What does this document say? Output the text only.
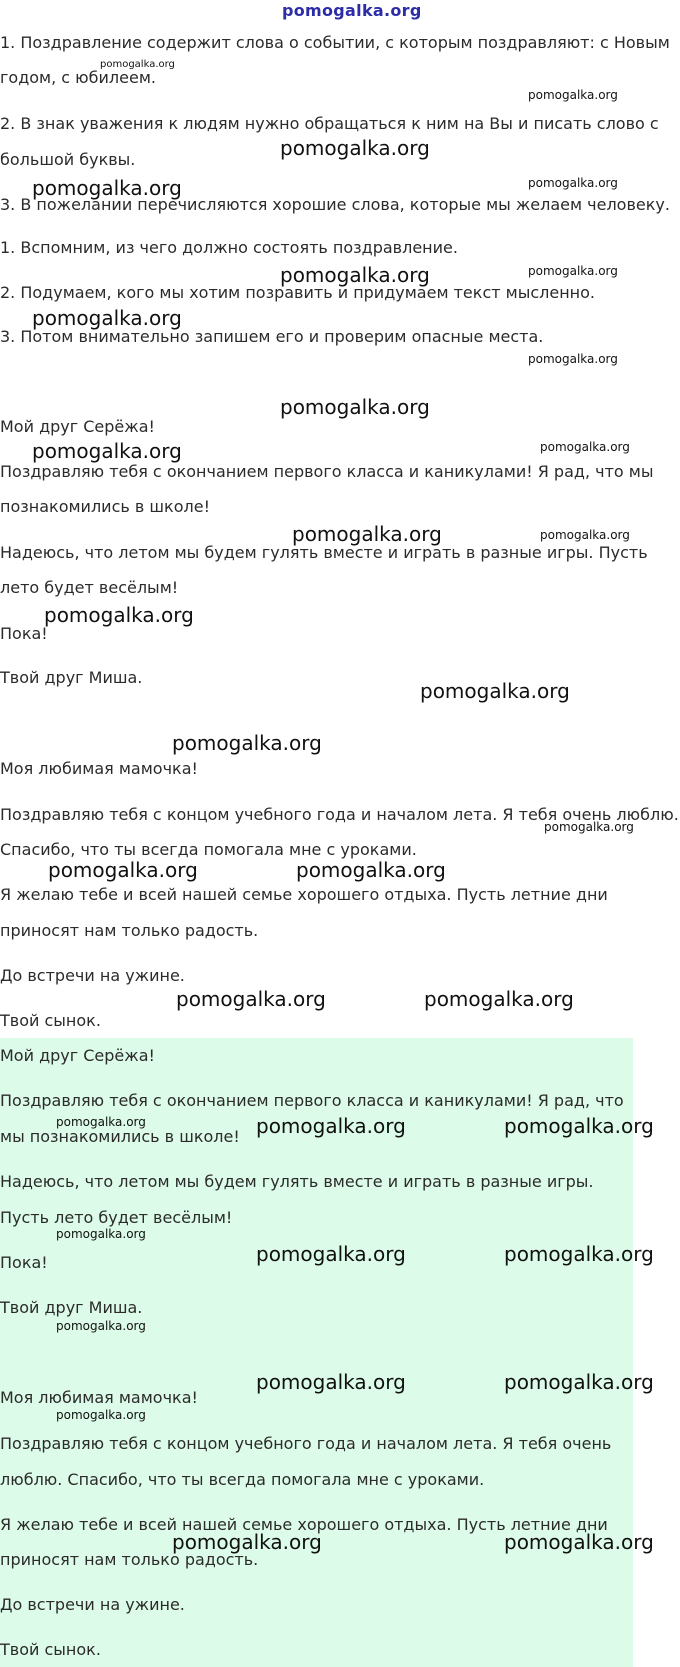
pomogalka.org
1. Поздравление содержит слова о событии, с которым поздравляют: с Новым
годом, с юбилеем.
2. В знак уважения к людям нужно обращаться к ним на Вы и писать слово с
большой буквы.
3. В пожелании перечисляются хорошие слова, которые мы желаем человеку.
1. Вспомним, из чего должно состоять поздравление.
2. Подумаем, кого мы хотим позравить и придумаем текст мысленно.
3. Потом внимательно запишем его и проверим опасные места.
Мой друг Серёжа!
Поздравляю тебя с окончанием первого класса и каникулами! Я рад, что мы
познакомились в школе!
Надеюсь, что летом мы будем гулять вместе и играть в разные игры. Пусть
лето будет весёлым!
Пока!
Твой друг Миша.
Моя любимая мамочка!
Поздравляю тебя с концом учебного года и началом лета. Я тебя очень люблю.
Спасибо, что ты всегда помогала мне с уроками.
Я желаю тебе и всей нашей семье хорошего отдыха. Пусть летние дни
приносят нам только радость.
До встречи на ужине.
Твой сынок.
Мой друг Серёжа!
Поздравляю тебя с окончанием первого класса и каникулами! Я рад, что
мы познакомились в школе!
Надеюсь, что летом мы будем гулять вместе и играть в разные игры.
Пусть лето будет весёлым!
Пока!
Твой друг Миша.
Моя любимая мамочка!
Поздравляю тебя с концом учебного года и началом лета. Я тебя очень
люблю. Спасибо, что ты всегда помогала мне с уроками.
Я желаю тебе и всей нашей семье хорошего отдыха. Пусть летние дни
приносят нам только радость.
До встречи на ужине.
Твой сынок.
pomogalka.org
pomogalka.org
pomogalka.org
pomogalka.org	pomogalka.org
pomogalka.org	pomogalka.org
pomogalka.org
pomogalka.org
pomogalka.org
pomogalka.org	pomogalka.org
pomogalka.org	pomogalka.org
pomogalka.org
pomogalka.org
pomogalka.org
pomogalka.org
pomogalka.org	pomogalka.org
pomogalka.org	pomogalka.org
pomogalka.org	pomogalka.org	pomogalka.org
pomogalka.org
pomogalka.org	pomogalka.org
pomogalka.org
pomogalka.org	pomogalka.org
pomogalka.org
pomogalka.org	pomogalka.org
